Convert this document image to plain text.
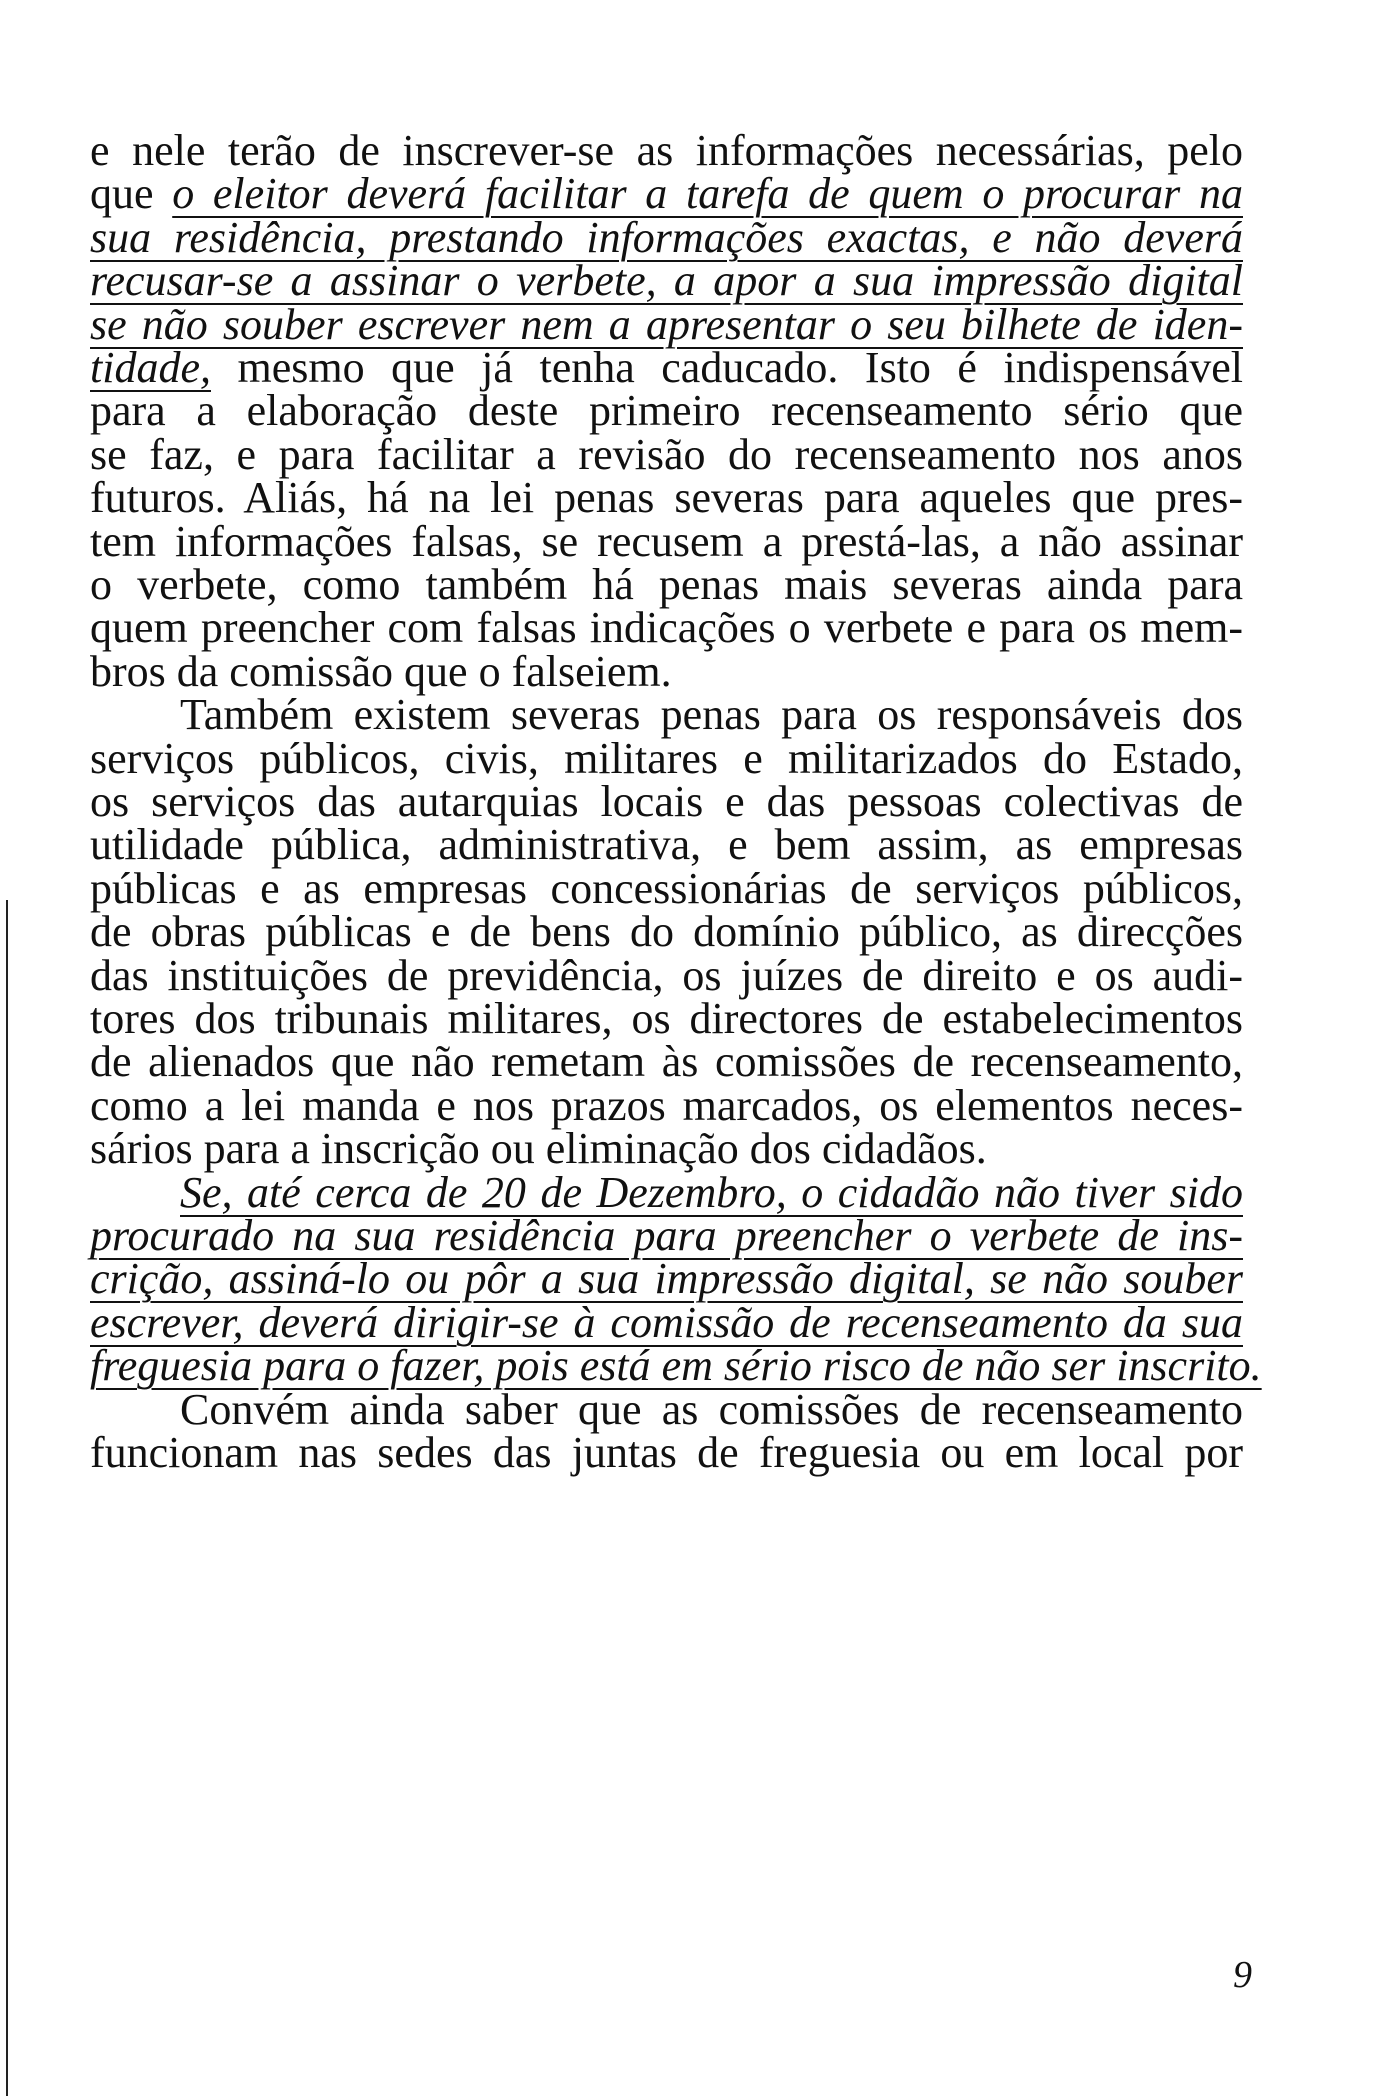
e nele terão de inscrever-se as informações necessárias, pelo
que o eleitor deverá facilitar a tarefa de quem o procurar na
sua residência, prestando informações exactas, e não deverá
recusar-se a assinar o verbete, a apor a sua impressão digital
se não souber escrever nem a apresentar o seu bilhete de iden-
tidade, mesmo que já tenha caducado. Isto é indispensável
para a elaboração deste primeiro recenseamento sério que
se faz, e para facilitar a revisão do recenseamento nos anos
futuros. Aliás, há na lei penas severas para aqueles que pres-
tem informações falsas, se recusem a prestá-las, a não assinar
o verbete, como também há penas mais severas ainda para
quem preencher com falsas indicações o verbete e para os mem-
bros da comissão que o falseiem.
Também existem severas penas para os responsáveis dos
serviços públicos, civis, militares e militarizados do Estado,
os serviços das autarquias locais e das pessoas colectivas de
utilidade pública, administrativa, e bem assim, as empresas
públicas e as empresas concessionárias de serviços públicos,
de obras públicas e de bens do domínio público, as direcções
das instituições de previdência, os juízes de direito e os audi-
tores dos tribunais militares, os directores de estabelecimentos
de alienados que não remetam às comissões de recenseamento,
como a lei manda e nos prazos marcados, os elementos neces-
sários para a inscrição ou eliminação dos cidadãos.
Se, até cerca de 20 de Dezembro, o cidadão não tiver sido
procurado na sua residência para preencher o verbete de ins-
crição, assiná-lo ou pôr a sua impressão digital, se não souber
escrever, deverá dirigir-se à comissão de recenseamento da sua
freguesia para o fazer, pois está em sério risco de não ser inscrito.
Convém ainda saber que as comissões de recenseamento
funcionam nas sedes das juntas de freguesia ou em local por
9
